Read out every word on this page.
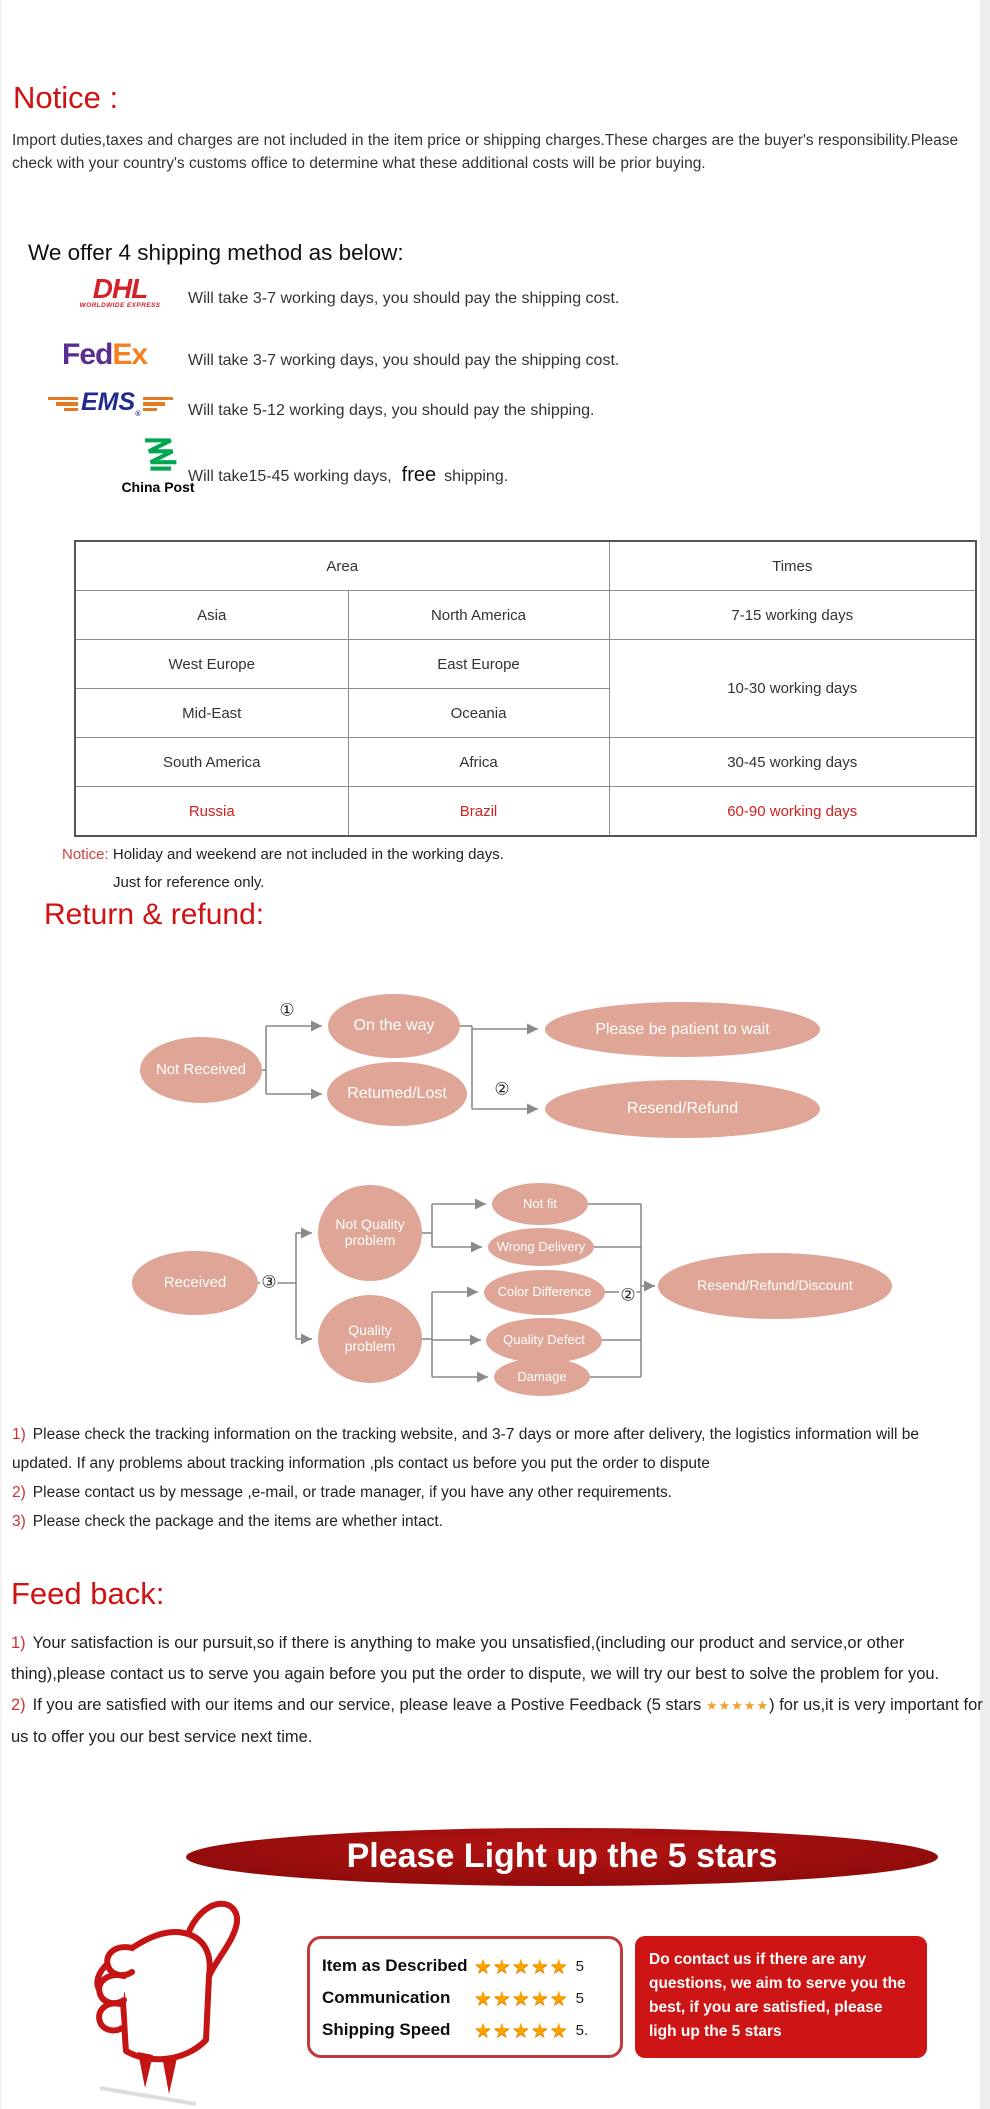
Notice :
Import duties,taxes and charges are not included in the item price or shipping charges.These charges are the buyer's responsibility.Please check with your country's customs office to determine what these additional costs will be prior buying.
We offer 4 shipping method as below:
DHL
WORLDWIDE EXPRESS	Will take 3-7 working days, you should pay the shipping cost.
FedEx	Will take 3-7 working days, you should pay the shipping cost.
$EMS_®$	Will take 5-12 working days, you should pay the shipping.
China Post
Will take15-45 working days, free shipping.
Area		Times
Asia	North America	7-15 working days
West Europe	East Europe	10-30 working days
Mid-East	Oceania	
South America	Africa	30-45 working days
Russia	Brazil	60-90 working days
Notice: Holiday and weekend are not included in the working days.
Just for reference only.
Return & refund:
Not Received
On the way
Retumed/Lost
Please be patient to wait
Resend/Refund
①
②
Received
Not Quality problem
Quality problem
Not fit
Wrong Delivery
Color Difference
Quality Defect
Damage
Resend/Refund/Discount
③
②

1) Please check the tracking information on the tracking website, and 3-7 days or more after delivery, the logistics information will be updated. If any problems about tracking information ,pls contact us before you put the order to dispute

2) Please contact us by message ,e-mail, or trade manager, if you have any other requirements.

3) Please check the package and the items are whether intact.

Feed back:

1) Your satisfaction is our pursuit,so if there is anything to make you unsatisfied,(including our product and service,or other thing),please contact us to serve you again before you put the order to dispute, we will try our best to solve the problem for you.

2) If you are satisfied with our items and our service, please leave a Postive Feedback (5 stars ★★★★★) for us,it is very important for us to offer you our best service next time.

Please Light up the 5 stars
Item as Described ★★★★★ 5
Communication	★★★★★ 5
Shipping Speed	★★★★★ 5.
Do contact us if there are any questions, we aim to serve you the best, if you are satisfied, please ligh up the 5 stars
